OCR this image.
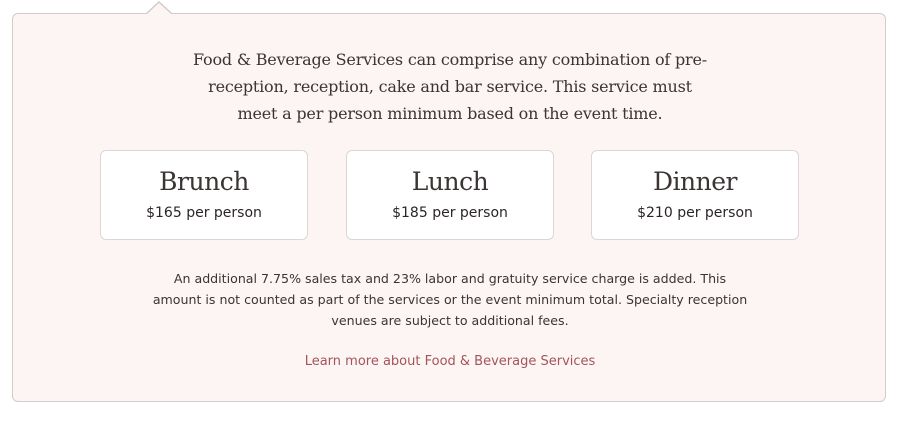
Food & Beverage Services can comprise any combination of pre-reception, reception, cake and bar service. This service must meet a per person minimum based on the event time.
Brunch
$165 per person
Lunch
$185 per person
Dinner
$210 per person
An additional 7.75% sales tax and 23% labor and gratuity service charge is added. This amount is not counted as part of the services or the event minimum total. Specialty reception venues are subject to additional fees.
Learn more about Food & Beverage Services
